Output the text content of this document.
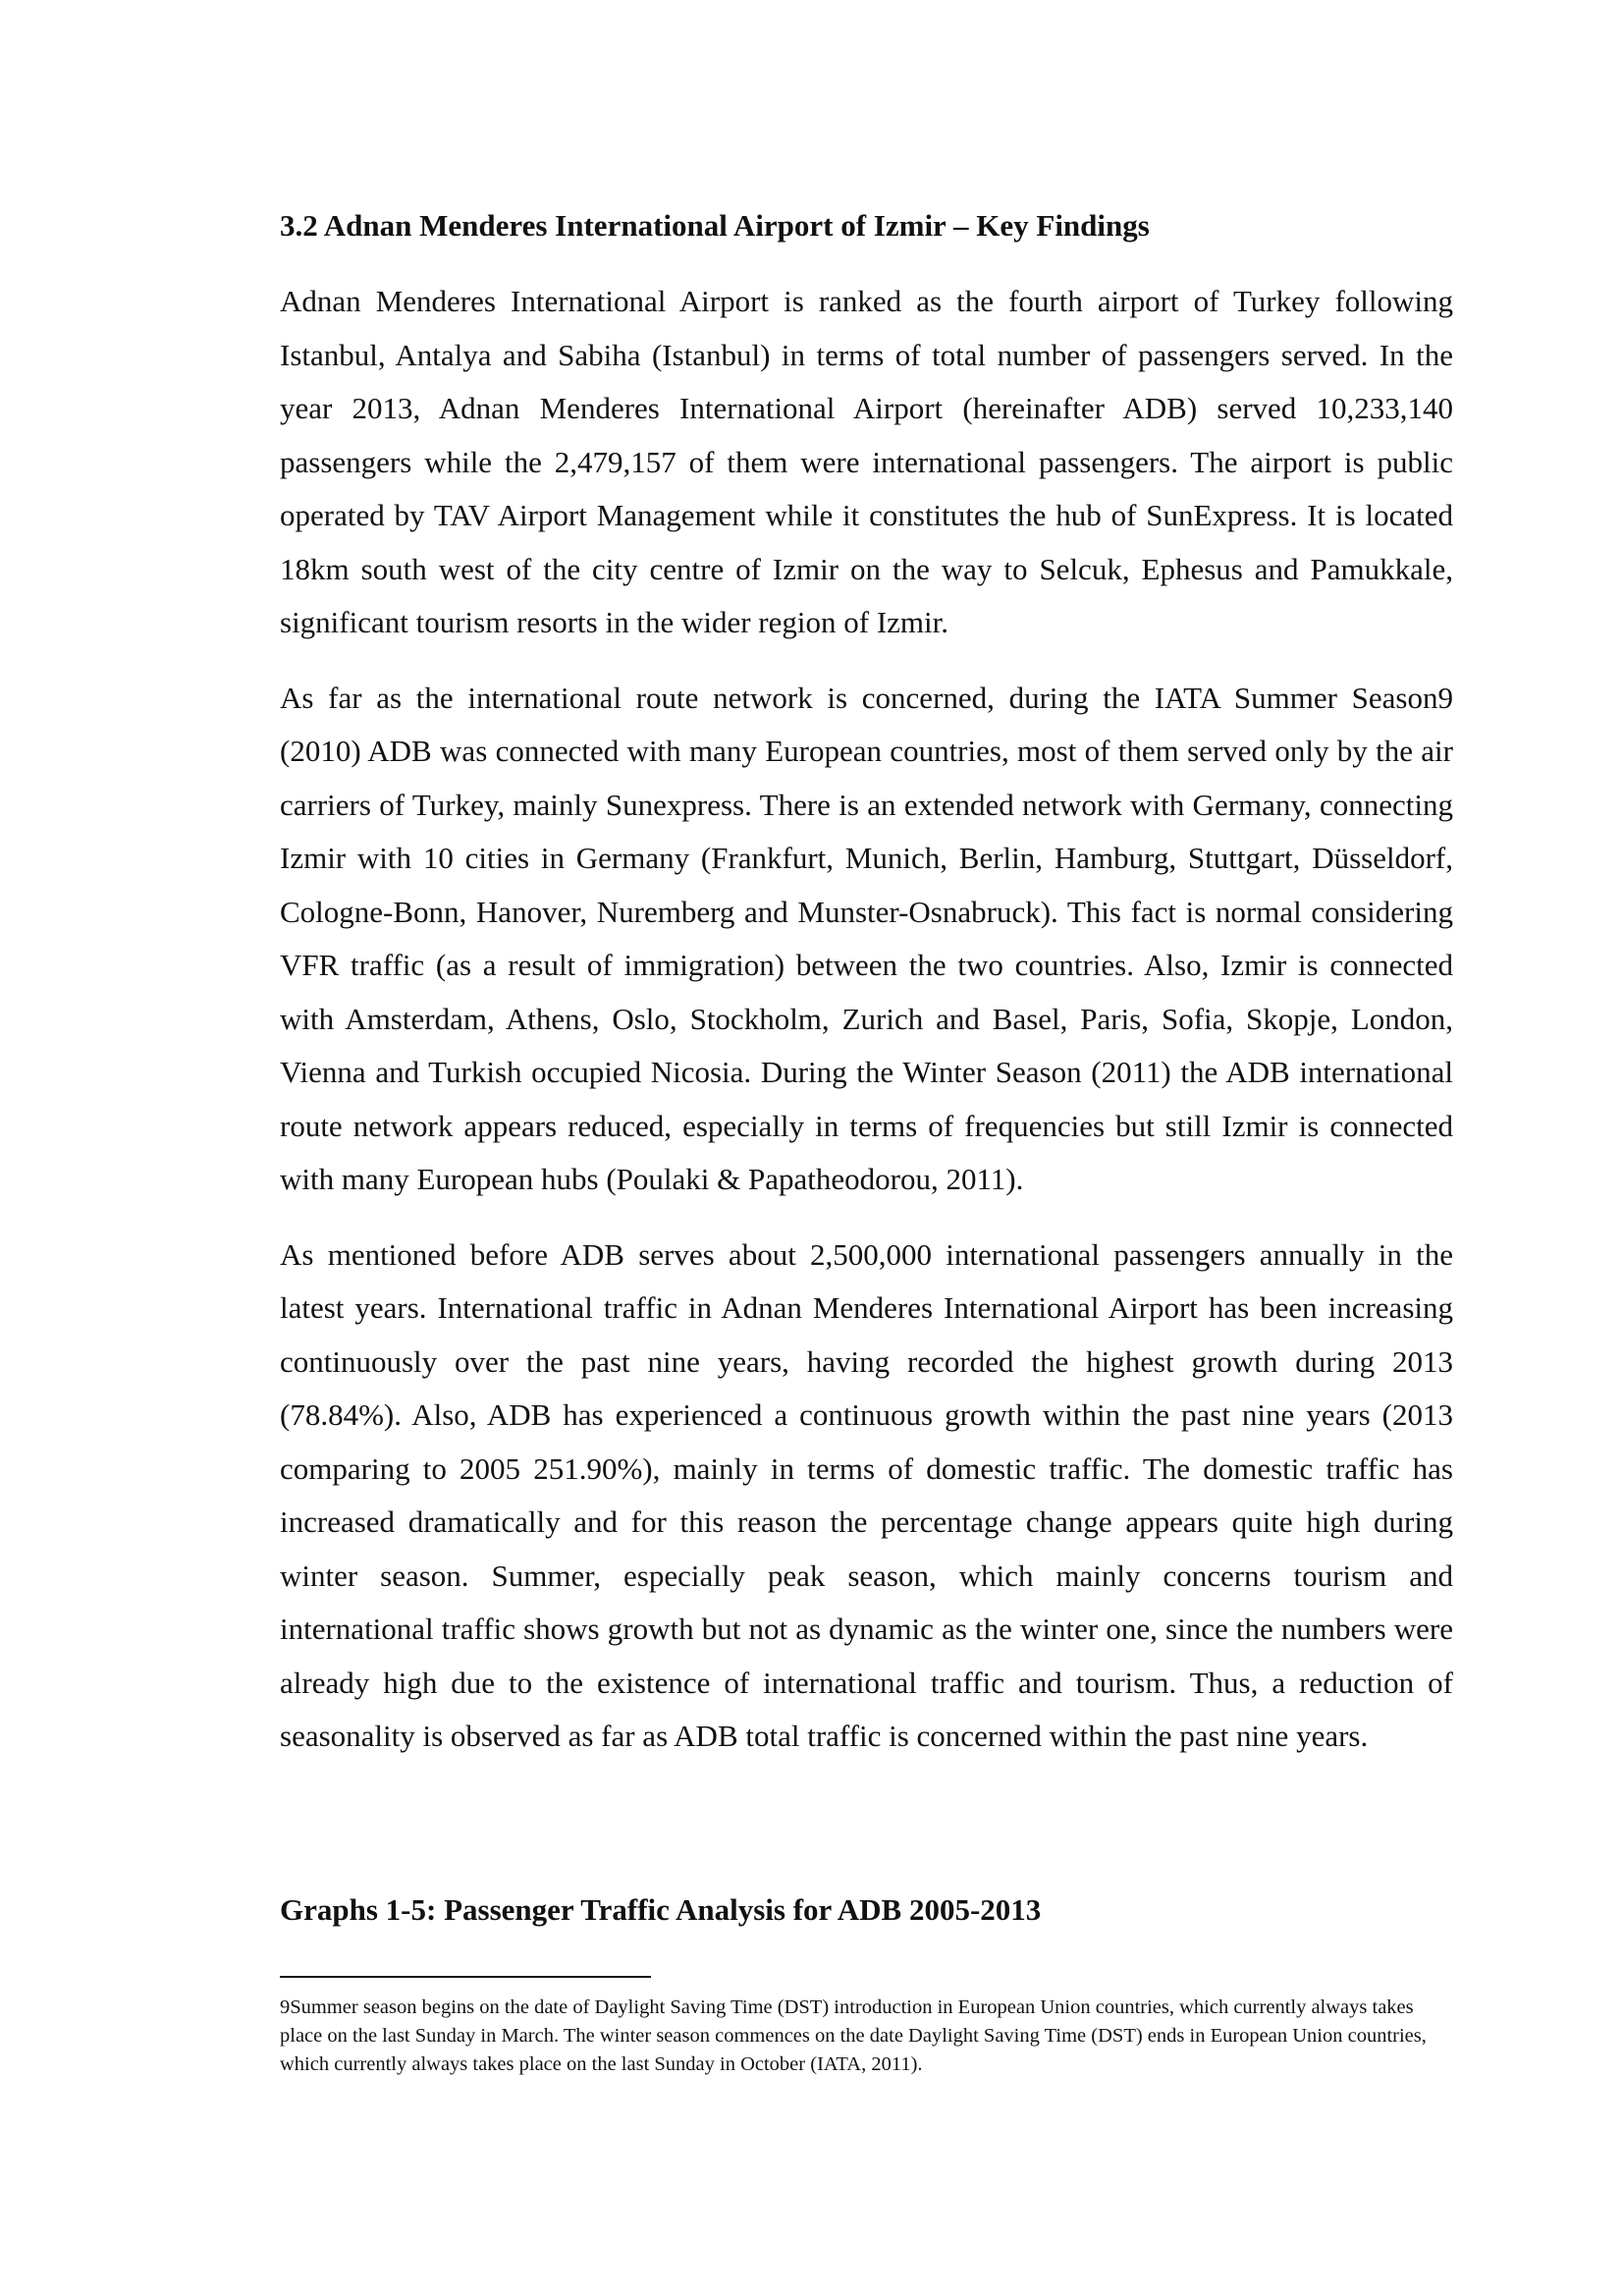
3.2 Adnan Menderes International Airport of Izmir – Key Findings

Adnan Menderes International Airport is ranked as the fourth airport of Turkey following Istanbul, Antalya and Sabiha (Istanbul) in terms of total number of passengers served. In the year 2013, Adnan Menderes International Airport (hereinafter ADB) served 10,233,140 passengers while the 2,479,157 of them were international passengers. The airport is public operated by TAV Airport Management while it constitutes the hub of SunExpress. It is located 18km south west of the city centre of Izmir on the way to Selcuk, Ephesus and Pamukkale, significant tourism resorts in the wider region of Izmir.

As far as the international route network is concerned, during the IATA Summer Season9 (2010) ADB was connected with many European countries, most of them served only by the air carriers of Turkey, mainly Sunexpress. There is an extended network with Germany, connecting Izmir with 10 cities in Germany (Frankfurt, Munich, Berlin, Hamburg, Stuttgart, Düsseldorf, Cologne-Bonn, Hanover, Nuremberg and Munster-Osnabruck). This fact is normal considering VFR traffic (as a result of immigration) between the two countries. Also, Izmir is connected with Amsterdam, Athens, Oslo, Stockholm, Zurich and Basel, Paris, Sofia, Skopje, London, Vienna and Turkish occupied Nicosia. During the Winter Season (2011) the ADB international route network appears reduced, especially in terms of frequencies but still Izmir is connected with many European hubs (Poulaki & Papatheodorou, 2011).

As mentioned before ADB serves about 2,500,000 international passengers annually in the latest years. International traffic in Adnan Menderes International Airport has been increasing continuously over the past nine years, having recorded the highest growth during 2013 (78.84%). Also, ADB has experienced a continuous growth within the past nine years (2013 comparing to 2005 251.90%), mainly in terms of domestic traffic. The domestic traffic has increased dramatically and for this reason the percentage change appears quite high during winter season. Summer, especially peak season, which mainly concerns tourism and international traffic shows growth but not as dynamic as the winter one, since the numbers were already high due to the existence of international traffic and tourism. Thus, a reduction of seasonality is observed as far as ADB total traffic is concerned within the past nine years.

Graphs 1-5: Passenger Traffic Analysis for ADB 2005-2013
9Summer season begins on the date of Daylight Saving Time (DST) introduction in European Union countries, which currently always takes place on the last Sunday in March. The winter season commences on the date Daylight Saving Time (DST) ends in European Union countries, which currently always takes place on the last Sunday in October (IATA, 2011).
